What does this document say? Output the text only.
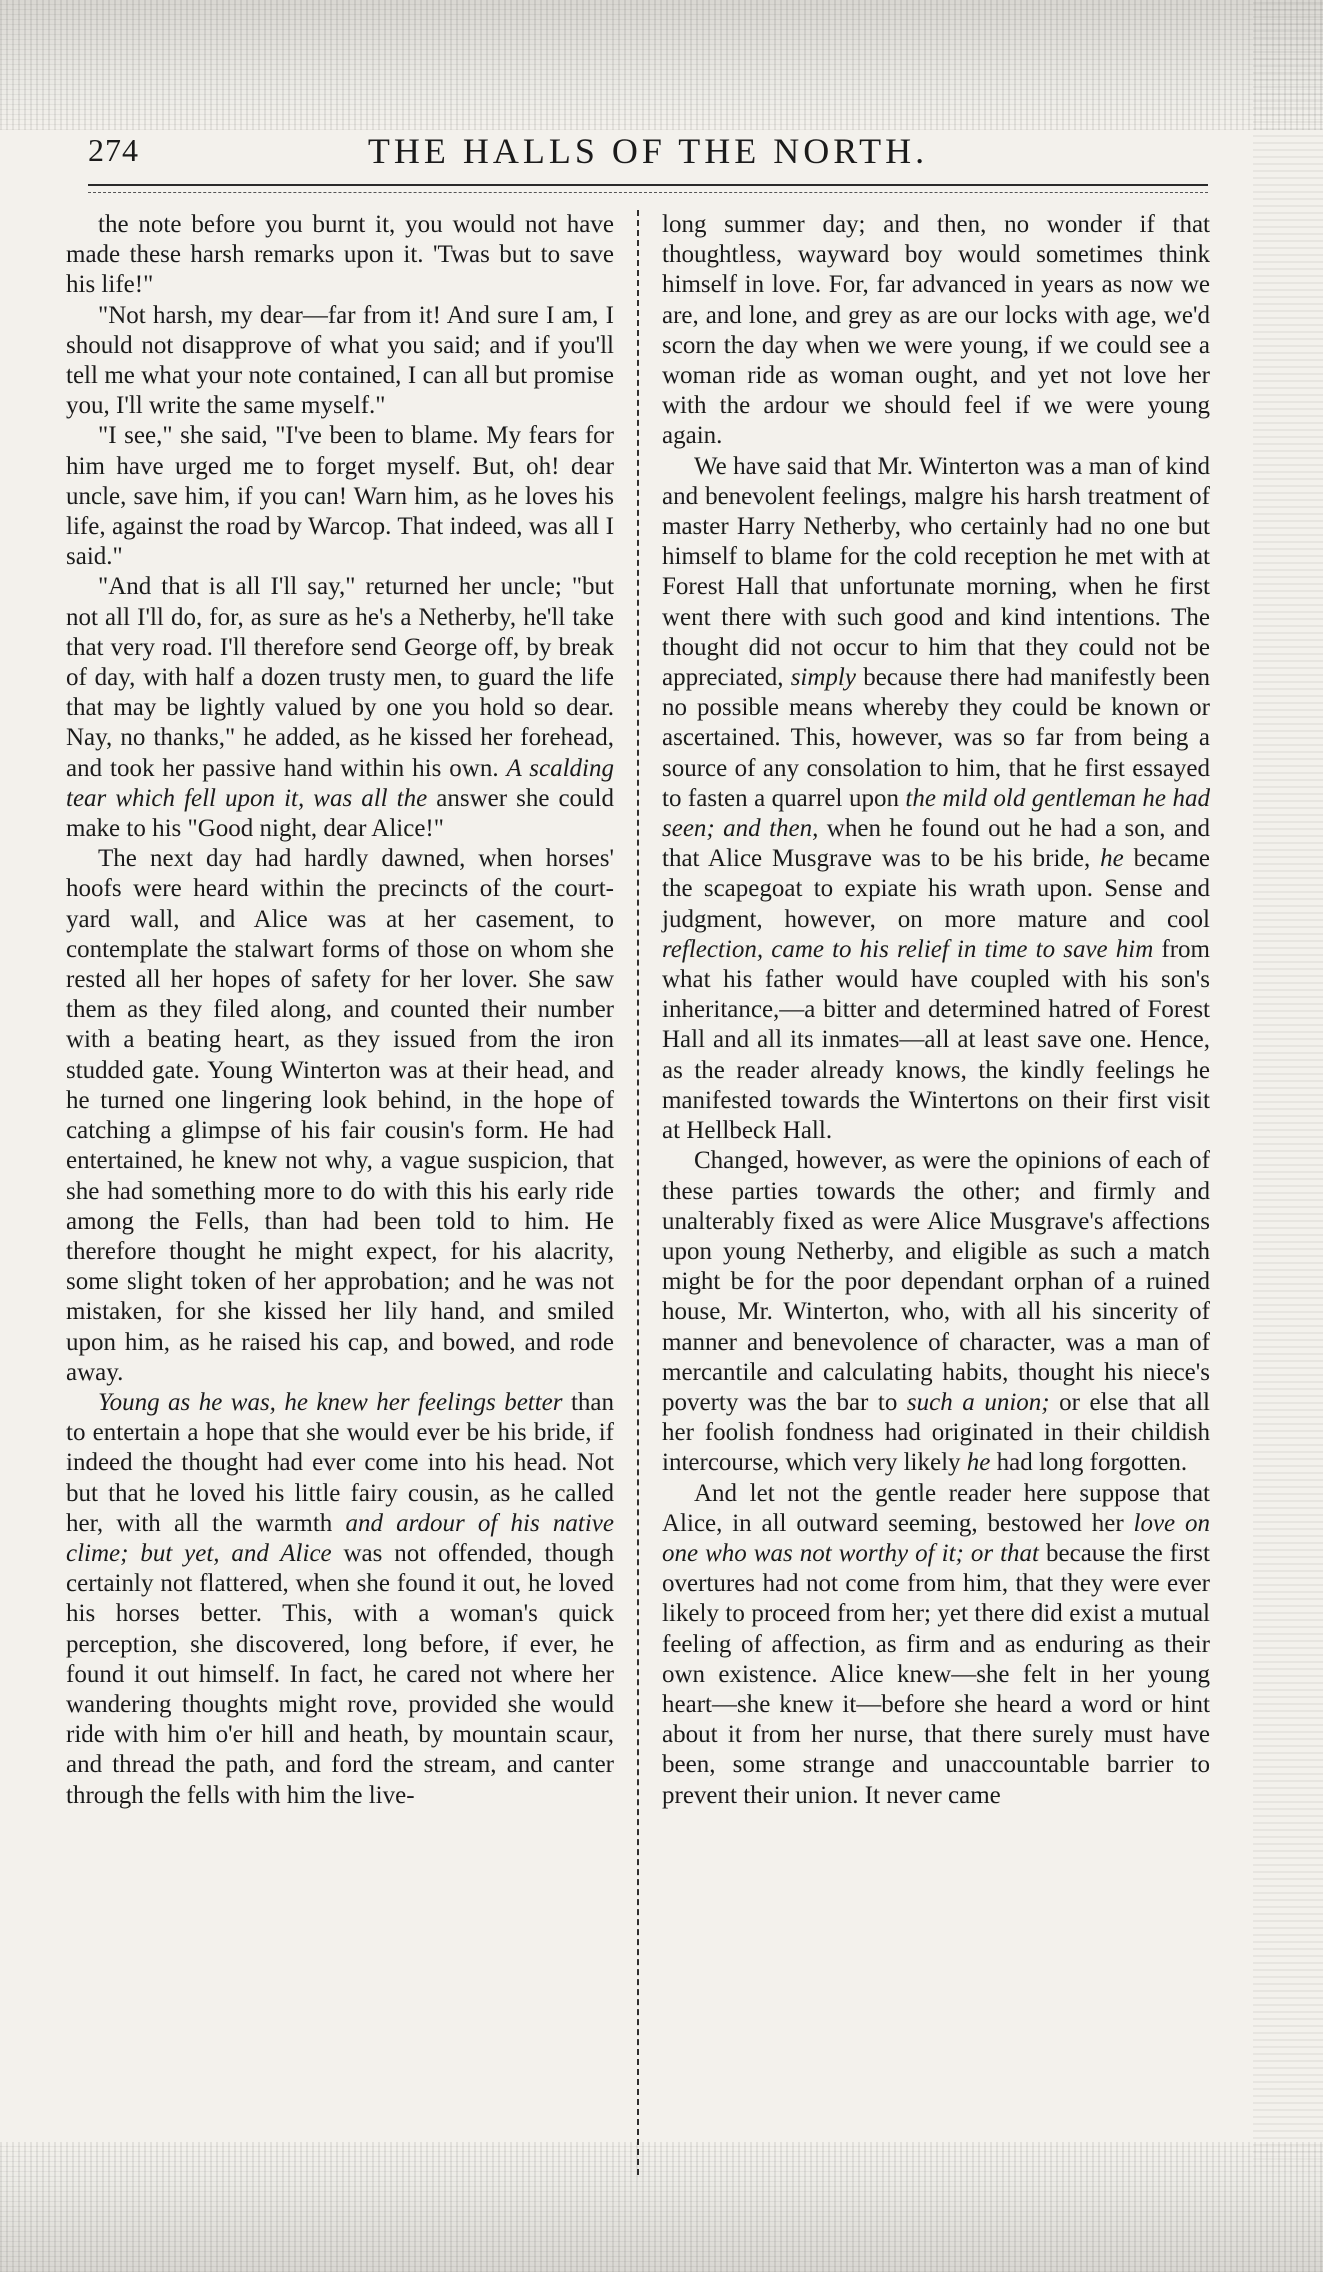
274	THE HALLS OF THE NORTH.

the note before you burnt it, you would not have made these harsh remarks upon it. 'Twas but to save his life!"

"Not harsh, my dear—far from it! And sure I am, I should not disapprove of what you said; and if you'll tell me what your note contained, I can all but promise you, I'll write the same myself."

"I see," she said, "I've been to blame. My fears for him have urged me to forget myself. But, oh! dear uncle, save him, if you can! Warn him, as he loves his life, against the road by Warcop. That indeed, was all I said."

"And that is all I'll say," returned her uncle; "but not all I'll do, for, as sure as he's a Netherby, he'll take that very road. I'll therefore send George off, by break of day, with half a dozen trusty men, to guard the life that may be lightly valued by one you hold so dear. Nay, no thanks," he added, as he kissed her forehead, and took her passive hand within his own. A scalding tear which fell upon it, was all the answer she could make to his "Good night, dear Alice!"

The next day had hardly dawned, when horses' hoofs were heard within the precincts of the court-yard wall, and Alice was at her casement, to contemplate the stalwart forms of those on whom she rested all her hopes of safety for her lover. She saw them as they filed along, and counted their number with a beating heart, as they issued from the iron studded gate. Young Winterton was at their head, and he turned one lingering look behind, in the hope of catching a glimpse of his fair cousin's form. He had entertained, he knew not why, a vague suspicion, that she had something more to do with this his early ride among the Fells, than had been told to him. He therefore thought he might expect, for his alacrity, some slight token of her approbation; and he was not mistaken, for she kissed her lily hand, and smiled upon him, as he raised his cap, and bowed, and rode away.

Young as he was, he knew her feelings better than to entertain a hope that she would ever be his bride, if indeed the thought had ever come into his head. Not but that he loved his little fairy cousin, as he called her, with all the warmth and ardour of his native clime; but yet, and Alice was not offended, though certainly not flattered, when she found it out, he loved his horses better. This, with a woman's quick perception, she discovered, long before, if ever, he found it out himself. In fact, he cared not where her wandering thoughts might rove, provided she would ride with him o'er hill and heath, by mountain scaur, and thread the path, and ford the stream, and canter through the fells with him the live-

long summer day; and then, no wonder if that thoughtless, wayward boy would sometimes think himself in love. For, far advanced in years as now we are, and lone, and grey as are our locks with age, we'd scorn the day when we were young, if we could see a woman ride as woman ought, and yet not love her with the ardour we should feel if we were young again.

We have said that Mr. Winterton was a man of kind and benevolent feelings, malgre his harsh treatment of master Harry Netherby, who certainly had no one but himself to blame for the cold reception he met with at Forest Hall that unfortunate morning, when he first went there with such good and kind intentions. The thought did not occur to him that they could not be appreciated, simply because there had manifestly been no possible means whereby they could be known or ascertained. This, however, was so far from being a source of any consolation to him, that he first essayed to fasten a quarrel upon the mild old gentleman he had seen; and then, when he found out he had a son, and that Alice Musgrave was to be his bride, he became the scapegoat to expiate his wrath upon. Sense and judgment, however, on more mature and cool reflection, came to his relief in time to save him from what his father would have coupled with his son's inheritance,—a bitter and determined hatred of Forest Hall and all its inmates—all at least save one. Hence, as the reader already knows, the kindly feelings he manifested towards the Wintertons on their first visit at Hellbeck Hall.

Changed, however, as were the opinions of each of these parties towards the other; and firmly and unalterably fixed as were Alice Musgrave's affections upon young Netherby, and eligible as such a match might be for the poor dependant orphan of a ruined house, Mr. Winterton, who, with all his sincerity of manner and benevolence of character, was a man of mercantile and calculating habits, thought his niece's poverty was the bar to such a union; or else that all her foolish fondness had originated in their childish intercourse, which very likely he had long forgotten.

And let not the gentle reader here suppose that Alice, in all outward seeming, bestowed her love on one who was not worthy of it; or that because the first overtures had not come from him, that they were ever likely to proceed from her; yet there did exist a mutual feeling of affection, as firm and as enduring as their own existence. Alice knew—she felt in her young heart—she knew it—before she heard a word or hint about it from her nurse, that there surely must have been, some strange and unaccountable barrier to prevent their union. It never came
